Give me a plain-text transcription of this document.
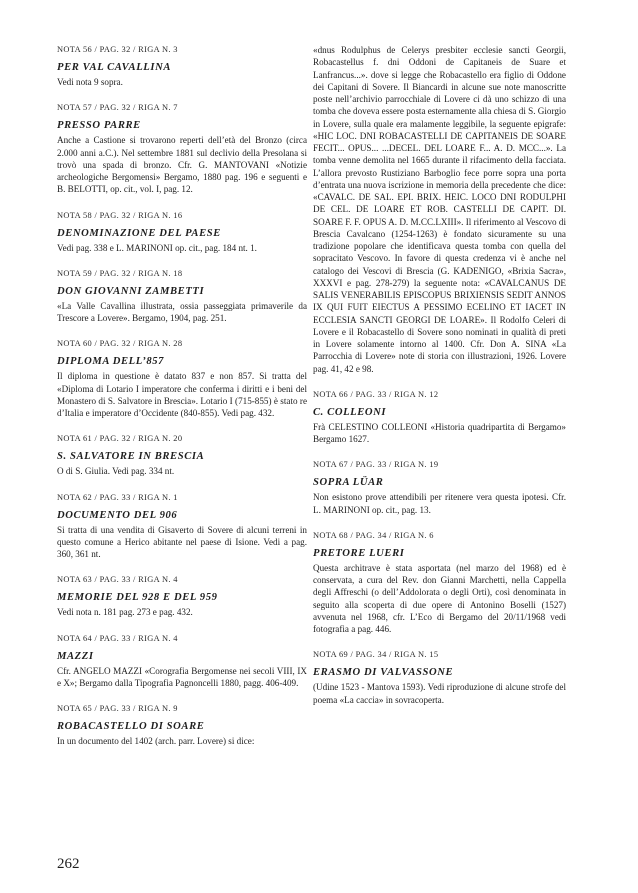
NOTA 56 / PAG. 32 / RIGA N. 3
PER VAL CAVALLINA

Vedi nota 9 sopra.

NOTA 57 / PAG. 32 / RIGA N. 7
PRESSO PARRE

Anche a Castione si trovarono reperti dell’età del Bronzo (circa 2.000 anni a.C.). Nel settembre 1881 sul declivio della Presolana si trovò una spada di bronzo. Cfr. G. MANTOVANI «Notizie archeologiche Bergomensi» Bergamo, 1880 pag. 196 e seguenti e B. BELOTTI, op. cit., vol. I, pag. 12.

NOTA 58 / PAG. 32 / RIGA N. 16
DENOMINAZIONE DEL PAESE

Vedi pag. 338 e L. MARINONI op. cit., pag. 184 nt. 1.

NOTA 59 / PAG. 32 / RIGA N. 18
DON GIOVANNI ZAMBETTI

«La Valle Cavallina illustrata, ossia passeggiata primaverile da Trescore a Lovere». Bergamo, 1904, pag. 251.

NOTA 60 / PAG. 32 / RIGA N. 28
DIPLOMA DELL’857

Il diploma in questione è datato 837 e non 857. Si tratta del «Diploma di Lotario I imperatore che conferma i diritti e i beni del Monastero di S. Salvatore in Brescia». Lotario I (715-855) è stato re d’Italia e imperatore d’Occidente (840-855). Vedi pag. 432.

NOTA 61 / PAG. 32 / RIGA N. 20
S. SALVATORE IN BRESCIA

O di S. Giulia. Vedi pag. 334 nt.

NOTA 62 / PAG. 33 / RIGA N. 1
DOCUMENTO DEL 906

Si tratta di una vendita di Gisaverto di Sovere di alcuni terreni in questo comune a Herico abitante nel paese di Isione. Vedi a pag. 360, 361 nt.

NOTA 63 / PAG. 33 / RIGA N. 4
MEMORIE DEL 928 E DEL 959

Vedi nota n. 181 pag. 273 e pag. 432.

NOTA 64 / PAG. 33 / RIGA N. 4
MAZZI

Cfr. ANGELO MAZZI «Corografia Bergomense nei secoli VIII, IX e X»; Bergamo dalla Tipografia Pagnoncelli 1880, pagg. 406-409.

NOTA 65 / PAG. 33 / RIGA N. 9
ROBACASTELLO DI SOARE

In un documento del 1402 (arch. parr. Lovere) si dice:

«dnus Rodulphus de Celerys presbiter ecclesie sancti Georgii, Robacastellus f. dni Oddoni de Capitaneis de Suare et Lanfrancus...». dove si legge che Robacastello era figlio di Oddone dei Capitani di Sovere. Il Biancardi in alcune sue note manoscritte poste nell’archivio parrocchiale di Lovere ci dà uno schizzo di una tomba che doveva essere posta esternamente alla chiesa di S. Giorgio in Lovere, sulla quale era malamente leggibile, la seguente epigrafe: «HIC LOC. DNI ROBACASTELLI DE CAPITANEIS DE SOARE FECIT... OPUS... ...DECEL. DEL LOARE F... A. D. MCC...». La tomba venne demolita nel 1665 durante il rifacimento della facciata. L’allora prevosto Rustiziano Barboglio fece porre sopra una porta d’entrata una nuova iscrizione in memoria della precedente che dice: «CAVALC. DE SAL. EPI. BRIX. HEIC. LOCO DNI RODULPHI DE CEL. DE LOARE ET ROB. CASTELLI DE CAPIT. DI. SOARE F. F. OPUS A. D. M.CC.LXIII». Il riferimento al Vescovo di Brescia Cavalcano (1254-1263) è fondato sicuramente su una tradizione popolare che identificava questa tomba con quella del sopracitato Vescovo. In favore di questa credenza vi è anche nel catalogo dei Vescovi di Brescia (G. KADENIGO, «Brixia Sacra», XXXVI e pag. 278-279) la seguente nota: «CAVALCANUS DE SALIS VENERABILIS EPISCOPUS BRIXIENSIS SEDIT ANNOS IX QUI FUIT EIECTUS A PESSIMO ECELINO ET IACET IN ECCLESIA SANCTI GEORGI DE LOARE». Il Rodolfo Celeri di Lovere e il Robacastello di Sovere sono nominati in qualità di preti in Lovere solamente intorno al 1400. Cfr. Don A. SINA «La Parrocchia di Lovere» note di storia con illustrazioni, 1926. Lovere pag. 41, 42 e 98.

NOTA 66 / PAG. 33 / RIGA N. 12
C. COLLEONI

Frà CELESTINO COLLEONI «Historia quadripartita di Bergamo» Bergamo 1627.

NOTA 67 / PAG. 33 / RIGA N. 19
SOPRA LÜAR

Non esistono prove attendibili per ritenere vera questa ipotesi. Cfr. L. MARINONI op. cit., pag. 13.

NOTA 68 / PAG. 34 / RIGA N. 6
PRETORE LUERI

Questa architrave è stata asportata (nel marzo del 1968) ed è conservata, a cura del Rev. don Gianni Marchetti, nella Cappella degli Affreschi (o dell’Addolorata o degli Orti), così denominata in seguito alla scoperta di due opere di Antonino Boselli (1527) avvenuta nel 1968, cfr. L’Eco di Bergamo del 20/11/1968 vedi fotografia a pag. 446.

NOTA 69 / PAG. 34 / RIGA N. 15
ERASMO DI VALVASSONE

(Udine 1523 - Mantova 1593). Vedi riproduzione di alcune strofe del poema «La caccia» in sovracoperta.

262
